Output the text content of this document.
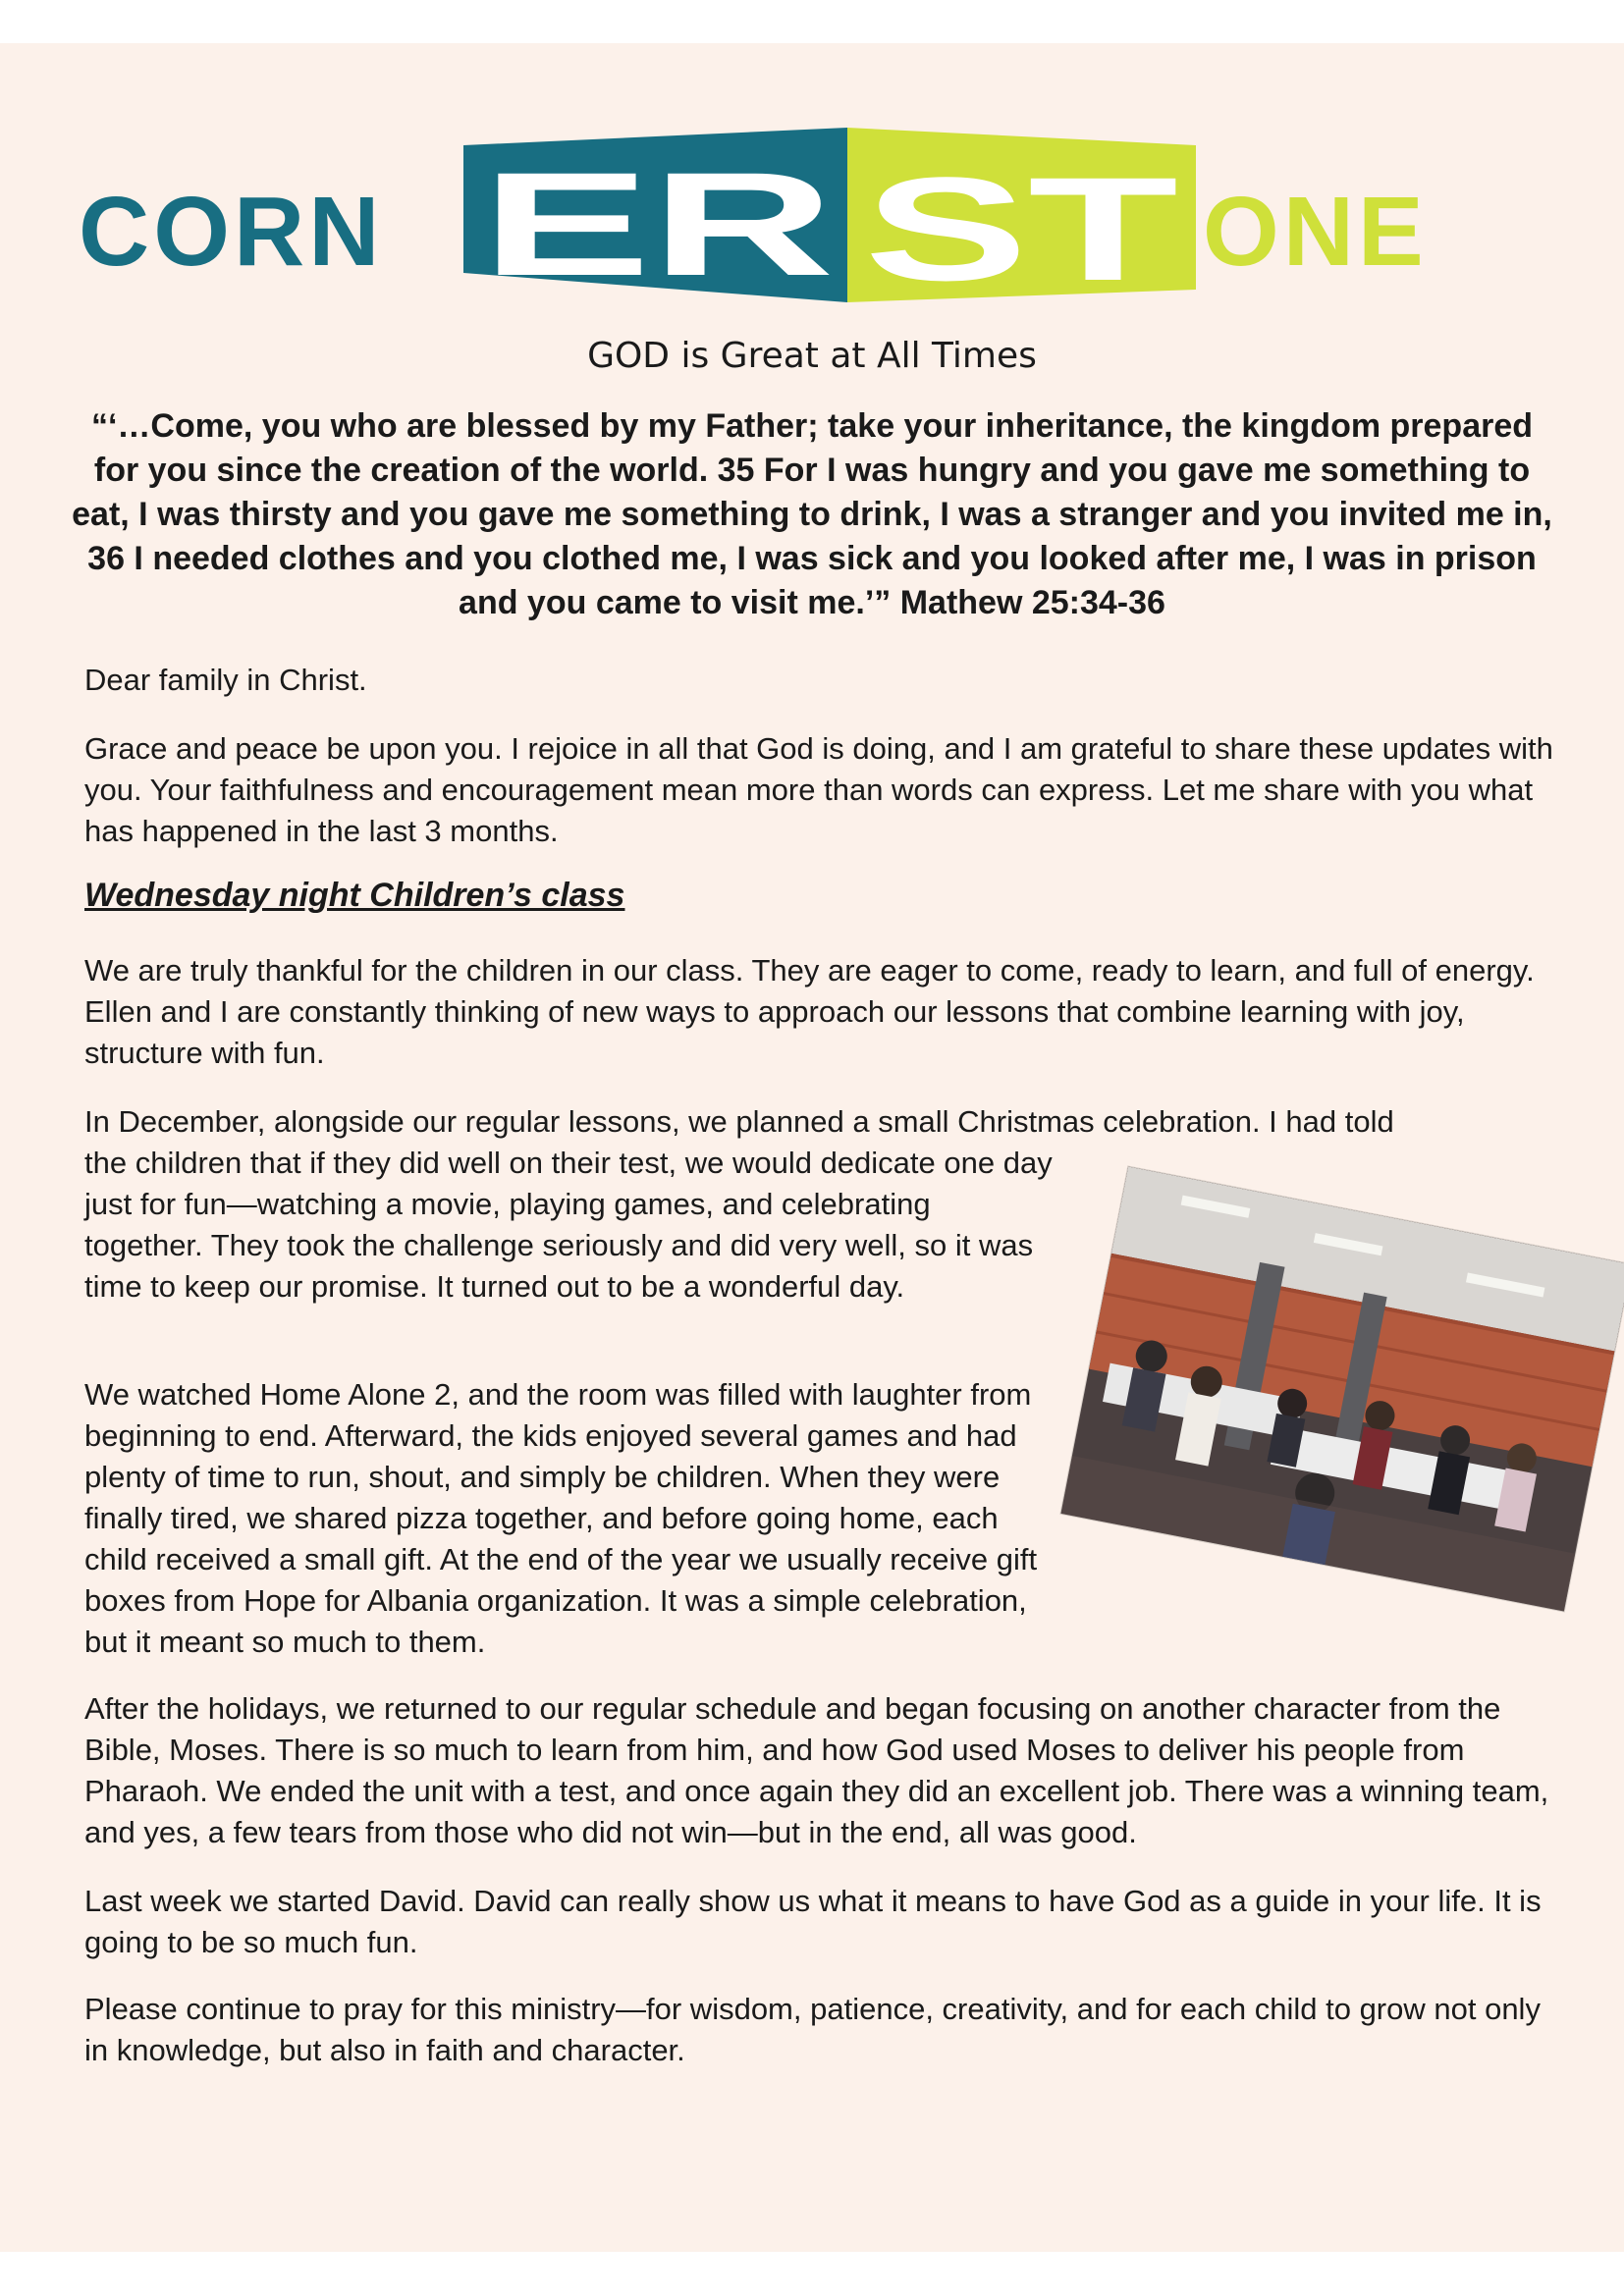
CORN ER ST ONE
GOD is Great at All Times
“‘…Come, you who are blessed by my Father; take your inheritance, the kingdom prepared for you since the creation of the world. 35 For I was hungry and you gave me something to eat, I was thirsty and you gave me something to drink, I was a stranger and you invited me in, 36 I needed clothes and you clothed me, I was sick and you looked after me, I was in prison and you came to visit me.’” Mathew 25:34-36
Dear family in Christ.
Grace and peace be upon you. I rejoice in all that God is doing, and I am grateful to share these updates with you. Your faithfulness and encouragement mean more than words can express. Let me share with you what has happened in the last 3 months.
Wednesday night Children’s class
We are truly thankful for the children in our class. They are eager to come, ready to learn, and full of energy. Ellen and I are constantly thinking of new ways to approach our lessons that combine learning with joy, structure with fun.
In December, alongside our regular lessons, we planned a small Christmas celebration. I had told
the children that if they did well on their test, we would dedicate one day just for fun—watching a movie, playing games, and celebrating together. They took the challenge seriously and did very well, so it was time to keep our promise. It turned out to be a wonderful day.
We watched Home Alone 2, and the room was filled with laughter from beginning to end. Afterward, the kids enjoyed several games and had plenty of time to run, shout, and simply be children. When they were finally tired, we shared pizza together, and before going home, each child received a small gift. At the end of the year we usually receive gift boxes from Hope for Albania organization. It was a simple celebration, but it meant so much to them.
After the holidays, we returned to our regular schedule and began focusing on another character from the Bible, Moses. There is so much to learn from him, and how God used Moses to deliver his people from Pharaoh. We ended the unit with a test, and once again they did an excellent job. There was a winning team, and yes, a few tears from those who did not win—but in the end, all was good.
Last week we started David. David can really show us what it means to have God as a guide in your life. It is going to be so much fun.
Please continue to pray for this ministry—for wisdom, patience, creativity, and for each child to grow not only in knowledge, but also in faith and character.
